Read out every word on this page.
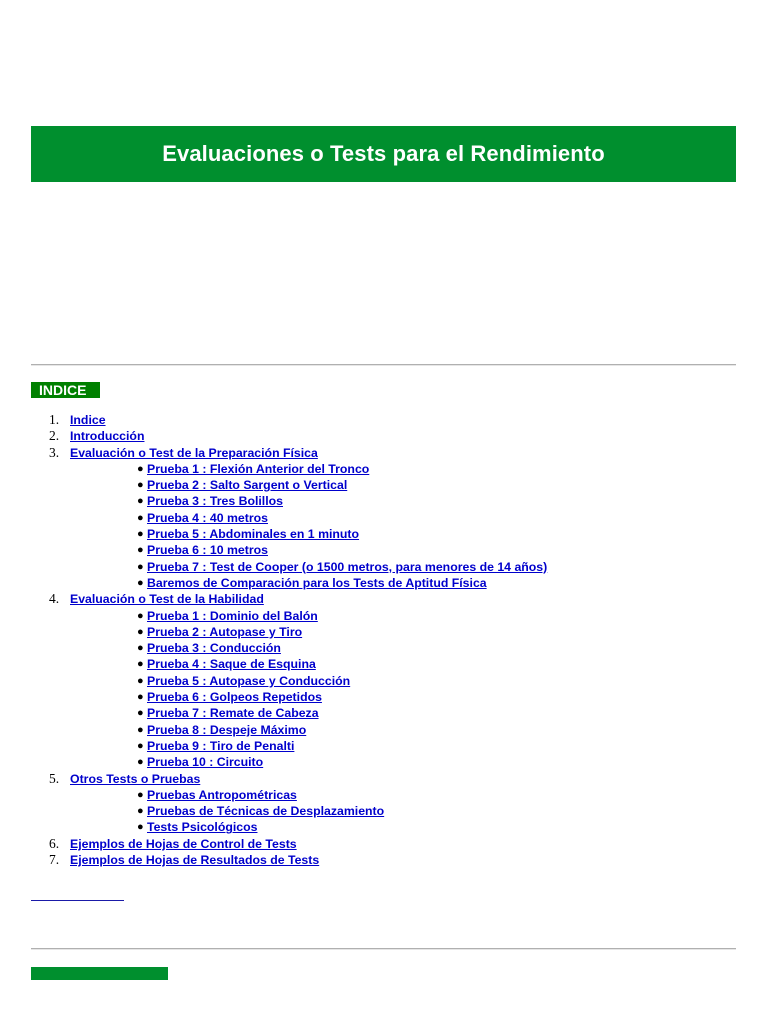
Evaluaciones o Tests para el Rendimiento
INDICE
1. Indice
2. Introducción
3. Evaluación o Test de la Preparación Física
● Prueba 1 : Flexión Anterior del Tronco
● Prueba 2 : Salto Sargent o Vertical
● Prueba 3 : Tres Bolillos
● Prueba 4 : 40 metros
● Prueba 5 : Abdominales en 1 minuto
● Prueba 6 : 10 metros
● Prueba 7 : Test de Cooper (o 1500 metros, para menores de 14 años)
● Baremos de Comparación para los Tests de Aptitud Física
4. Evaluación o Test de la Habilidad
● Prueba 1 : Dominio del Balón
● Prueba 2 : Autopase y Tiro
● Prueba 3 : Conducción
● Prueba 4 : Saque de Esquina
● Prueba 5 : Autopase y Conducción
● Prueba 6 : Golpeos Repetidos
● Prueba 7 : Remate de Cabeza
● Prueba 8 : Despeje Máximo
● Prueba 9 : Tiro de Penalti
● Prueba 10 : Circuito
5. Otros Tests o Pruebas
● Pruebas Antropométricas
● Pruebas de Técnicas de Desplazamiento
● Tests Psicológicos
6. Ejemplos de Hojas de Control de Tests
7. Ejemplos de Hojas de Resultados de Tests
